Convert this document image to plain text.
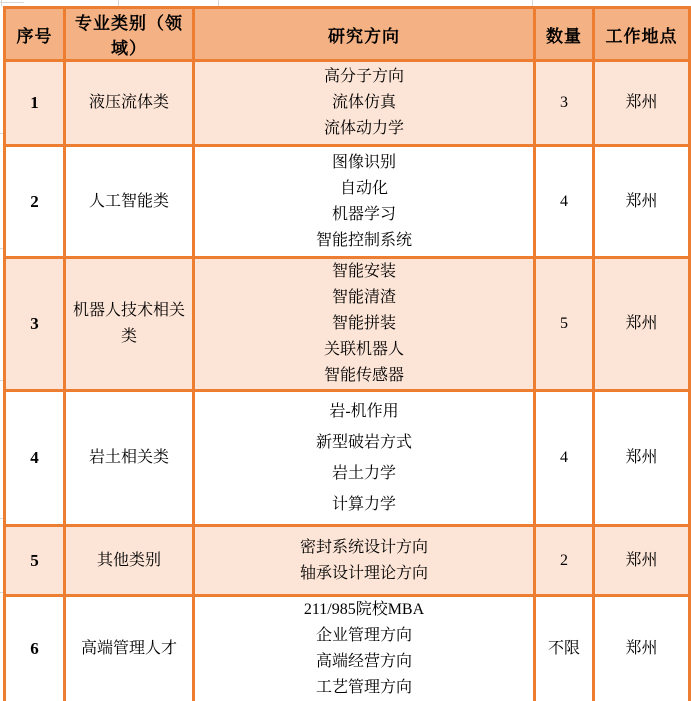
序号	专业类别（领域）	研究方向	数量	工作地点
1	液压流体类	高分子方向
流体仿真
流体动力学	3	郑州
2	人工智能类	图像识别
自动化
机器学习
智能控制系统	4	郑州
3	机器人技术相关类	智能安装
智能清渣
智能拼装
关联机器人
智能传感器	5	郑州
4	岩土相关类	岩-机作用
新型破岩方式
岩土力学
计算力学	4	郑州
5	其他类别	密封系统设计方向
轴承设计理论方向	2	郑州
6	高端管理人才	211/985院校MBA
企业管理方向
高端经营方向
工艺管理方向	不限	郑州
